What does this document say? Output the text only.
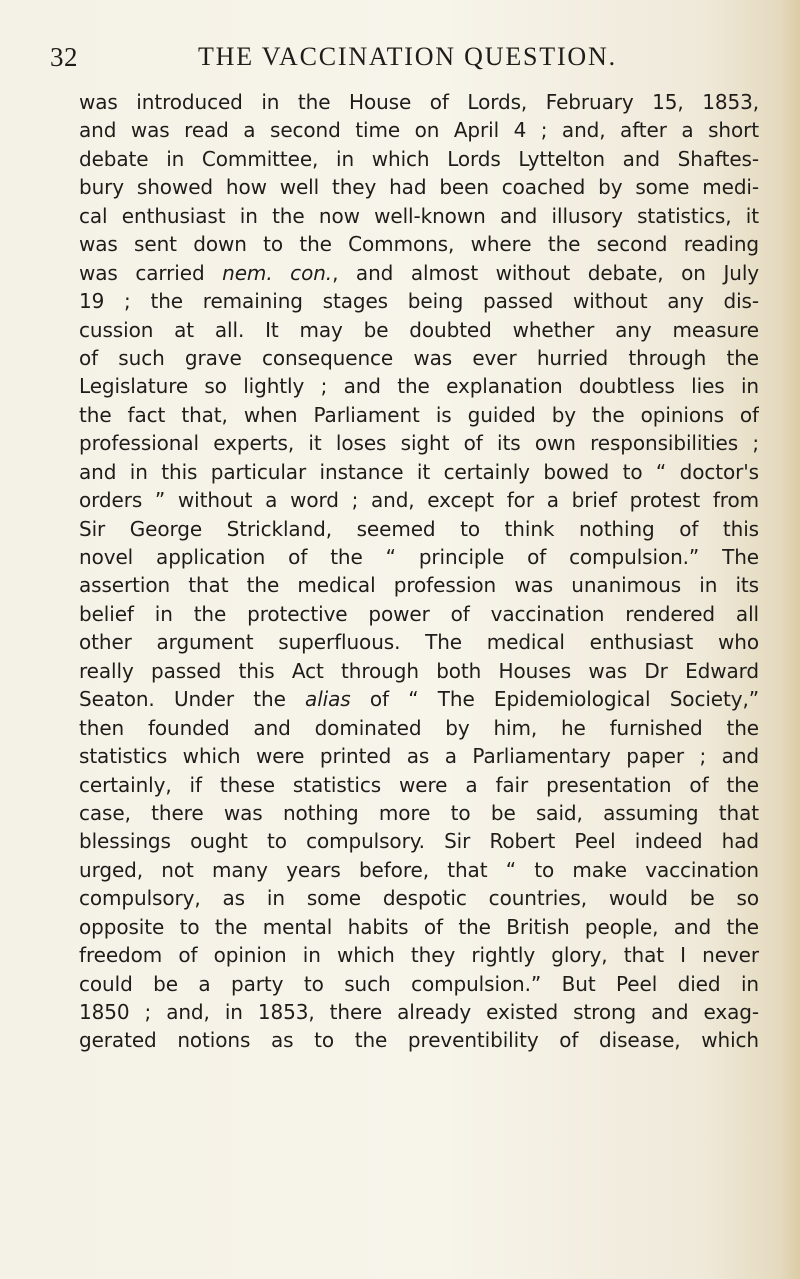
32	THE VACCINATION QUESTION.
was introduced in the House of Lords, February 15, 1853,
and was read a second time on April 4 ; and, after a short
debate in Committee, in which Lords Lyttelton and Shaftes-
bury showed how well they had been coached by some medi-
cal enthusiast in the now well-known and illusory statistics, it
was sent down to the Commons, where the second reading
was carried nem. con., and almost without debate, on July
19 ; the remaining stages being passed without any dis-
cussion at all. It may be doubted whether any measure
of such grave consequence was ever hurried through the
Legislature so lightly ; and the explanation doubtless lies in
the fact that, when Parliament is guided by the opinions of
professional experts, it loses sight of its own responsibilities ;
and in this particular instance it certainly bowed to “ doctor's
orders ” without a word ; and, except for a brief protest from
Sir George Strickland, seemed to think nothing of this
novel application of the “ principle of compulsion.” The
assertion that the medical profession was unanimous in its
belief in the protective power of vaccination rendered all
other argument superfluous. The medical enthusiast who
really passed this Act through both Houses was Dr Edward
Seaton. Under the alias of “ The Epidemiological Society,”
then founded and dominated by him, he furnished the
statistics which were printed as a Parliamentary paper ; and
certainly, if these statistics were a fair presentation of the
case, there was nothing more to be said, assuming that
blessings ought to compulsory. Sir Robert Peel indeed had
urged, not many years before, that “ to make vaccination
compulsory, as in some despotic countries, would be so
opposite to the mental habits of the British people, and the
freedom of opinion in which they rightly glory, that I never
could be a party to such compulsion.” But Peel died in
1850 ; and, in 1853, there already existed strong and exag-
gerated notions as to the preventibility of disease, which
